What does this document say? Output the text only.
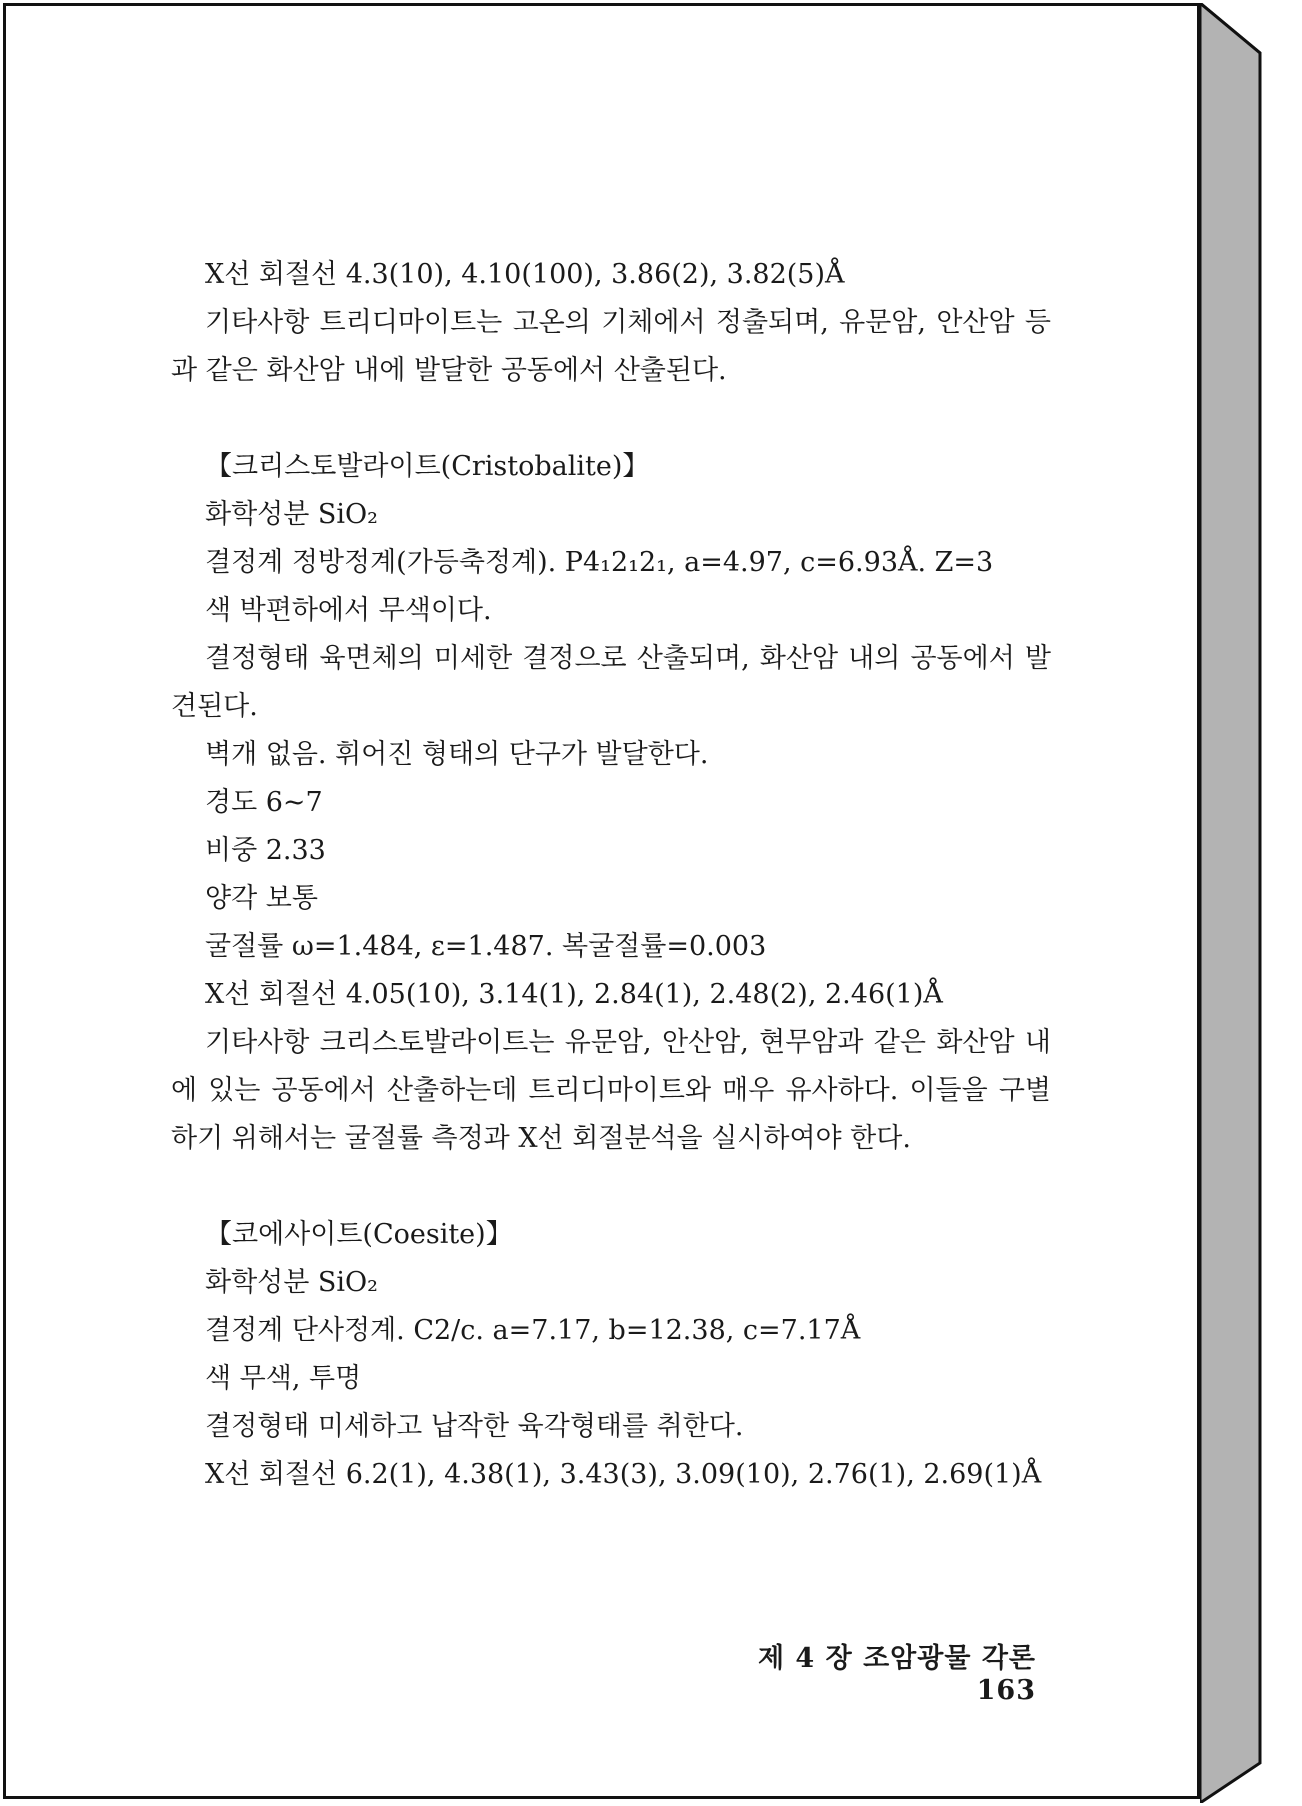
X선 회절선 4.3(10), 4.10(100), 3.86(2), 3.82(5)Å
기타사항 트리디마이트는 고온의 기체에서 정출되며, 유문암, 안산암 등과 같은 화산암 내에 발달한 공동에서 산출된다.
【크리스토발라이트(Cristobalite)】
화학성분 SiO₂
결정계 정방정계(가등축정계). P4₁2₁2₁, a=4.97, c=6.93Å. Z=3
색 박편하에서 무색이다.
결정형태 육면체의 미세한 결정으로 산출되며, 화산암 내의 공동에서 발견된다.
벽개 없음. 휘어진 형태의 단구가 발달한다.
경도 6~7
비중 2.33
양각 보통
굴절률 ω=1.484, ε=1.487. 복굴절률=0.003
X선 회절선 4.05(10), 3.14(1), 2.84(1), 2.48(2), 2.46(1)Å
기타사항 크리스토발라이트는 유문암, 안산암, 현무암과 같은 화산암 내에 있는 공동에서 산출하는데 트리디마이트와 매우 유사하다. 이들을 구별하기 위해서는 굴절률 측정과 X선 회절분석을 실시하여야 한다.
【코에사이트(Coesite)】
화학성분 SiO₂
결정계 단사정계. C2/c. a=7.17, b=12.38, c=7.17Å
색 무색, 투명
결정형태 미세하고 납작한 육각형태를 취한다.
X선 회절선 6.2(1), 4.38(1), 3.43(3), 3.09(10), 2.76(1), 2.69(1)Å
제 4 장 조암광물 각론 163
